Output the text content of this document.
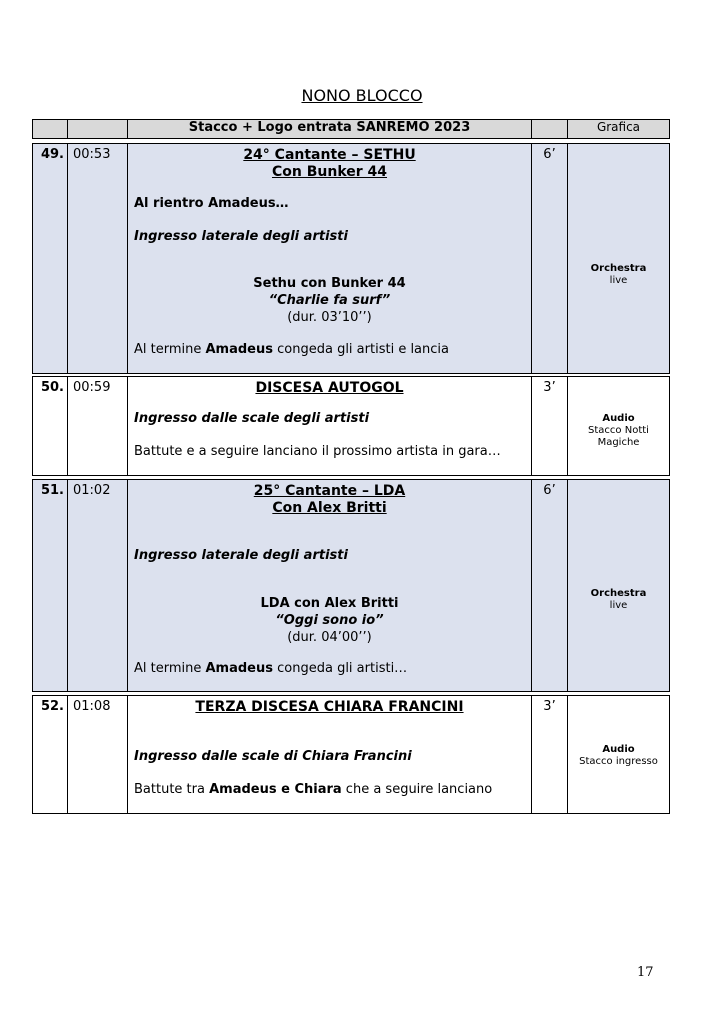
NONO BLOCCO
		Stacco + Logo entrata SANREMO 2023		Grafica
49.	00:53	24° Cantante – SETHU
Con Bunker 44
Al rientro Amadeus…
Ingresso laterale degli artisti
Sethu con Bunker 44
“Charlie fa surf”
(dur. 03’10’’)
Al termine Amadeus congeda gli artisti e lancia
	6’	
Orchestra
live
50.	00:59	DISCESA AUTOGOL
Ingresso dalle scale degli artisti
Battute e a seguire lanciano il prossimo artista in gara…
	3’	
Audio
Stacco Notti
Magiche
51.	01:02	25° Cantante – LDA
Con Alex Britti
Ingresso laterale degli artisti
LDA con Alex Britti
“Oggi sono io”
(dur. 04’00’’)
Al termine Amadeus congeda gli artisti…
	6’	
Orchestra
live
52.	01:08	TERZA DISCESA CHIARA FRANCINI
Ingresso dalle scale di Chiara Francini
Battute tra Amadeus e Chiara che a seguire lanciano
	3’	
Audio
Stacco ingresso
17
